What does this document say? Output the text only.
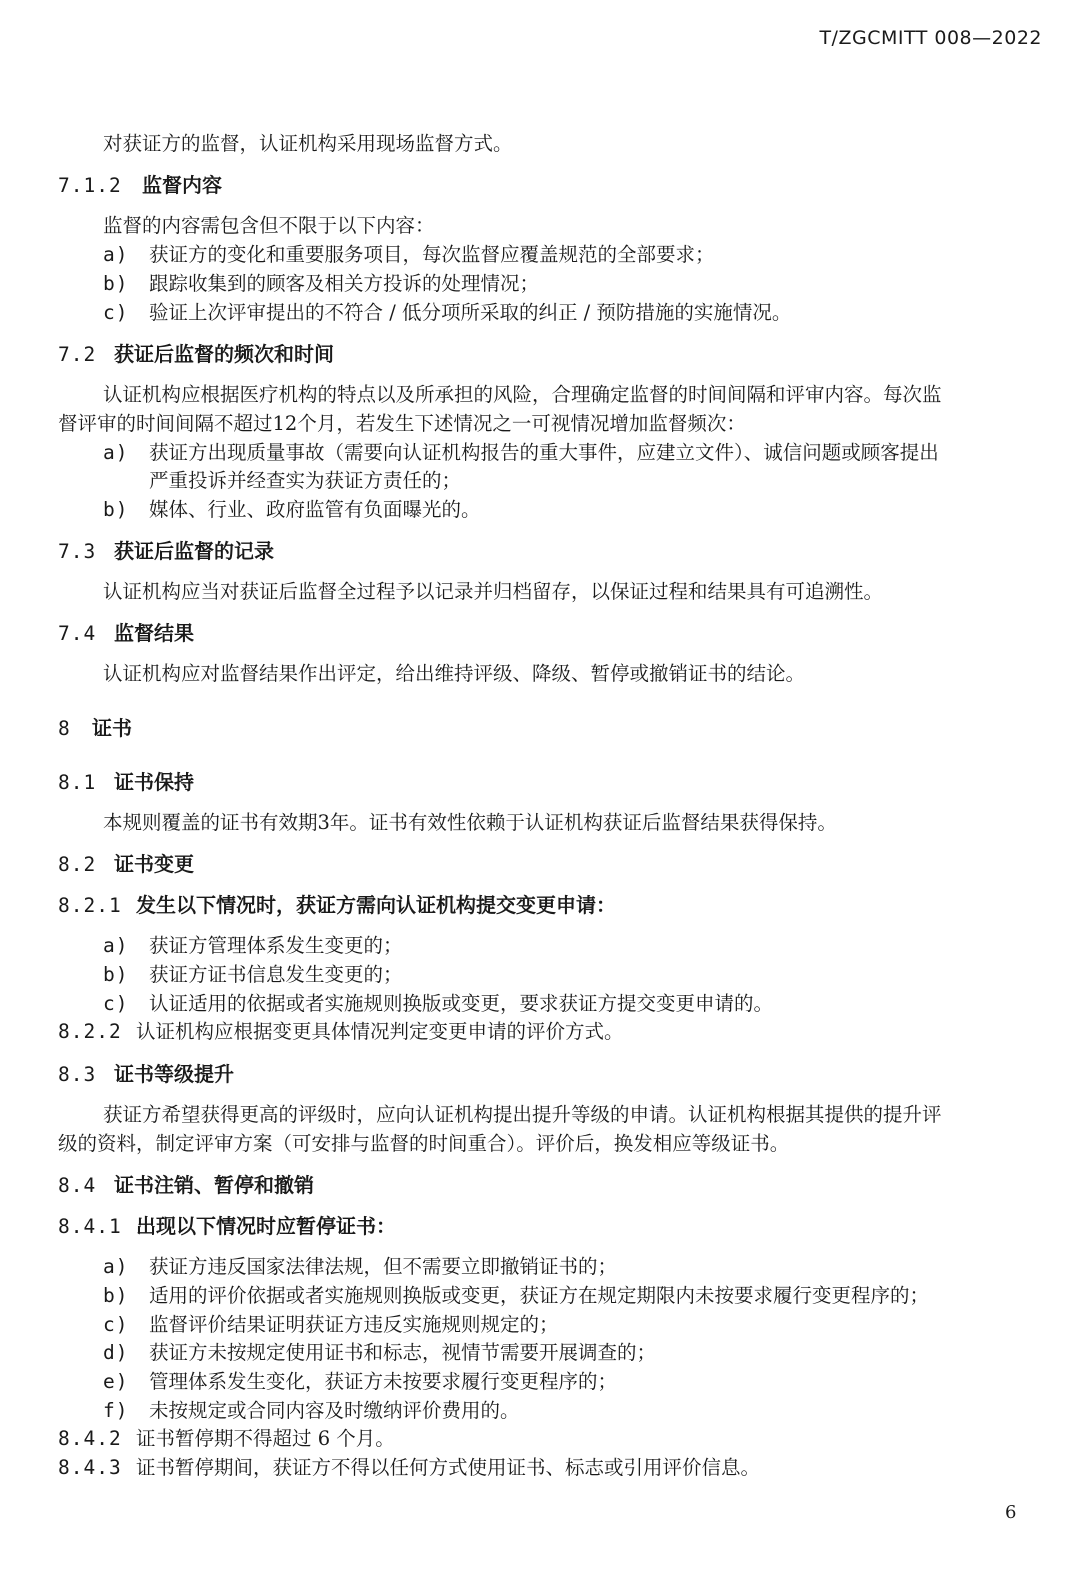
T/ZGCMITT 008—2022
对获证方的监督，认证机构采用现场监督方式。
7.1.2 监督内容
监督的内容需包含但不限于以下内容：
a) 获证方的变化和重要服务项目，每次监督应覆盖规范的全部要求；
b) 跟踪收集到的顾客及相关方投诉的处理情况；
c) 验证上次评审提出的不符合 / 低分项所采取的纠正 / 预防措施的实施情况。
7.2 获证后监督的频次和时间
认证机构应根据医疗机构的特点以及所承担的风险，合理确定监督的时间间隔和评审内容。每次监
督评审的时间间隔不超过12个月，若发生下述情况之一可视情况增加监督频次：
a) 获证方出现质量事故（需要向认证机构报告的重大事件，应建立文件）、诚信问题或顾客提出
严重投诉并经查实为获证方责任的；
b) 媒体、行业、政府监管有负面曝光的。
7.3 获证后监督的记录
认证机构应当对获证后监督全过程予以记录并归档留存，以保证过程和结果具有可追溯性。
7.4 监督结果
认证机构应对监督结果作出评定，给出维持评级、降级、暂停或撤销证书的结论。
8 证书
8.1 证书保持
本规则覆盖的证书有效期3年。证书有效性依赖于认证机构获证后监督结果获得保持。
8.2 证书变更
8.2.1 发生以下情况时，获证方需向认证机构提交变更申请：
a) 获证方管理体系发生变更的；
b) 获证方证书信息发生变更的；
c) 认证适用的依据或者实施规则换版或变更，要求获证方提交变更申请的。
8.2.2 认证机构应根据变更具体情况判定变更申请的评价方式。
8.3 证书等级提升
获证方希望获得更高的评级时，应向认证机构提出提升等级的申请。认证机构根据其提供的提升评
级的资料，制定评审方案（可安排与监督的时间重合）。评价后，换发相应等级证书。
8.4 证书注销、暂停和撤销
8.4.1 出现以下情况时应暂停证书：
a) 获证方违反国家法律法规，但不需要立即撤销证书的；
b) 适用的评价依据或者实施规则换版或变更，获证方在规定期限内未按要求履行变更程序的；
c) 监督评价结果证明获证方违反实施规则规定的；
d) 获证方未按规定使用证书和标志，视情节需要开展调查的；
e) 管理体系发生变化，获证方未按要求履行变更程序的；
f) 未按规定或合同内容及时缴纳评价费用的。
8.4.2 证书暂停期不得超过 6 个月。
8.4.3 证书暂停期间，获证方不得以任何方式使用证书、标志或引用评价信息。
6
